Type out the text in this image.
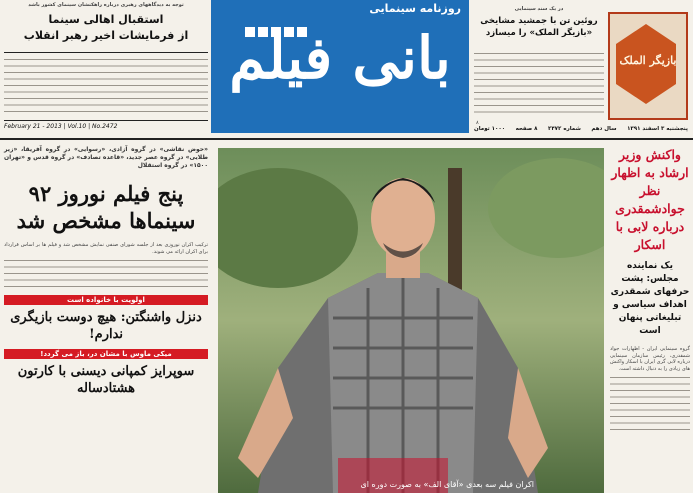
توجه به دیدگاههای رهبری درباره راهکنشان سینمای کشور باشد
استقبال اهالی سینما
از فرمایشات اخیر رهبر انقلاب
February 21 - 2013 | Vol.10 | No.2472
روزنامه سینمایی
بانی فیلم
در یک سند سینمایی
روئین تن با جمشید مشایخی
«بازیگر الملک» را میسازد
۸
بازیگر الملک
پنجشنبه ۳ اسفند ۱۳۹۱
سال دهم
شماره ۲۴۷۲
۸ صفحه
۱۰۰۰ تومان
«حوض نقاشی» در گروه آزادی، «رسوایی» در گروه آفریقا، «زیر طلایی» در گروه عصر جدید، «قاعده تصادف» در گروه قدس و «تهران ۱۵۰۰» در گروه استقلال
پنج فیلم نوروز ۹۲ سینماها مشخص شد
ترکیب اکران نوروزی بعد از جلسه شورای صنفی نمایش مشخص شد و فیلم ها بر اساس قرارداد برای اکران ارائه می شوند.
اولویت با خانواده است
دنزل واشنگتن: هیچ دوست بازیگری ندارم!
میکی ماوس با مشان در، باز می گردد!
سوپرایز کمپانی دیسنی با کارتون هشتادساله
اکران فیلم سه بعدی «آقای الف» به صورت دوره ای
واکنش وزیر ارشاد به اظهار نظر جوادشمقدری درباره لابی با اسکار
یک نماینده مجلس: پشت حرفهای شمقدری اهداف سیاسی و تبلیغاتی پنهان است
گروه سینمایی ایران - اظهارات جواد شمقدری، رئیس سازمان سینمایی درباره لابی گری ایران با اسکار واکنش های زیادی را به دنبال داشته است.
